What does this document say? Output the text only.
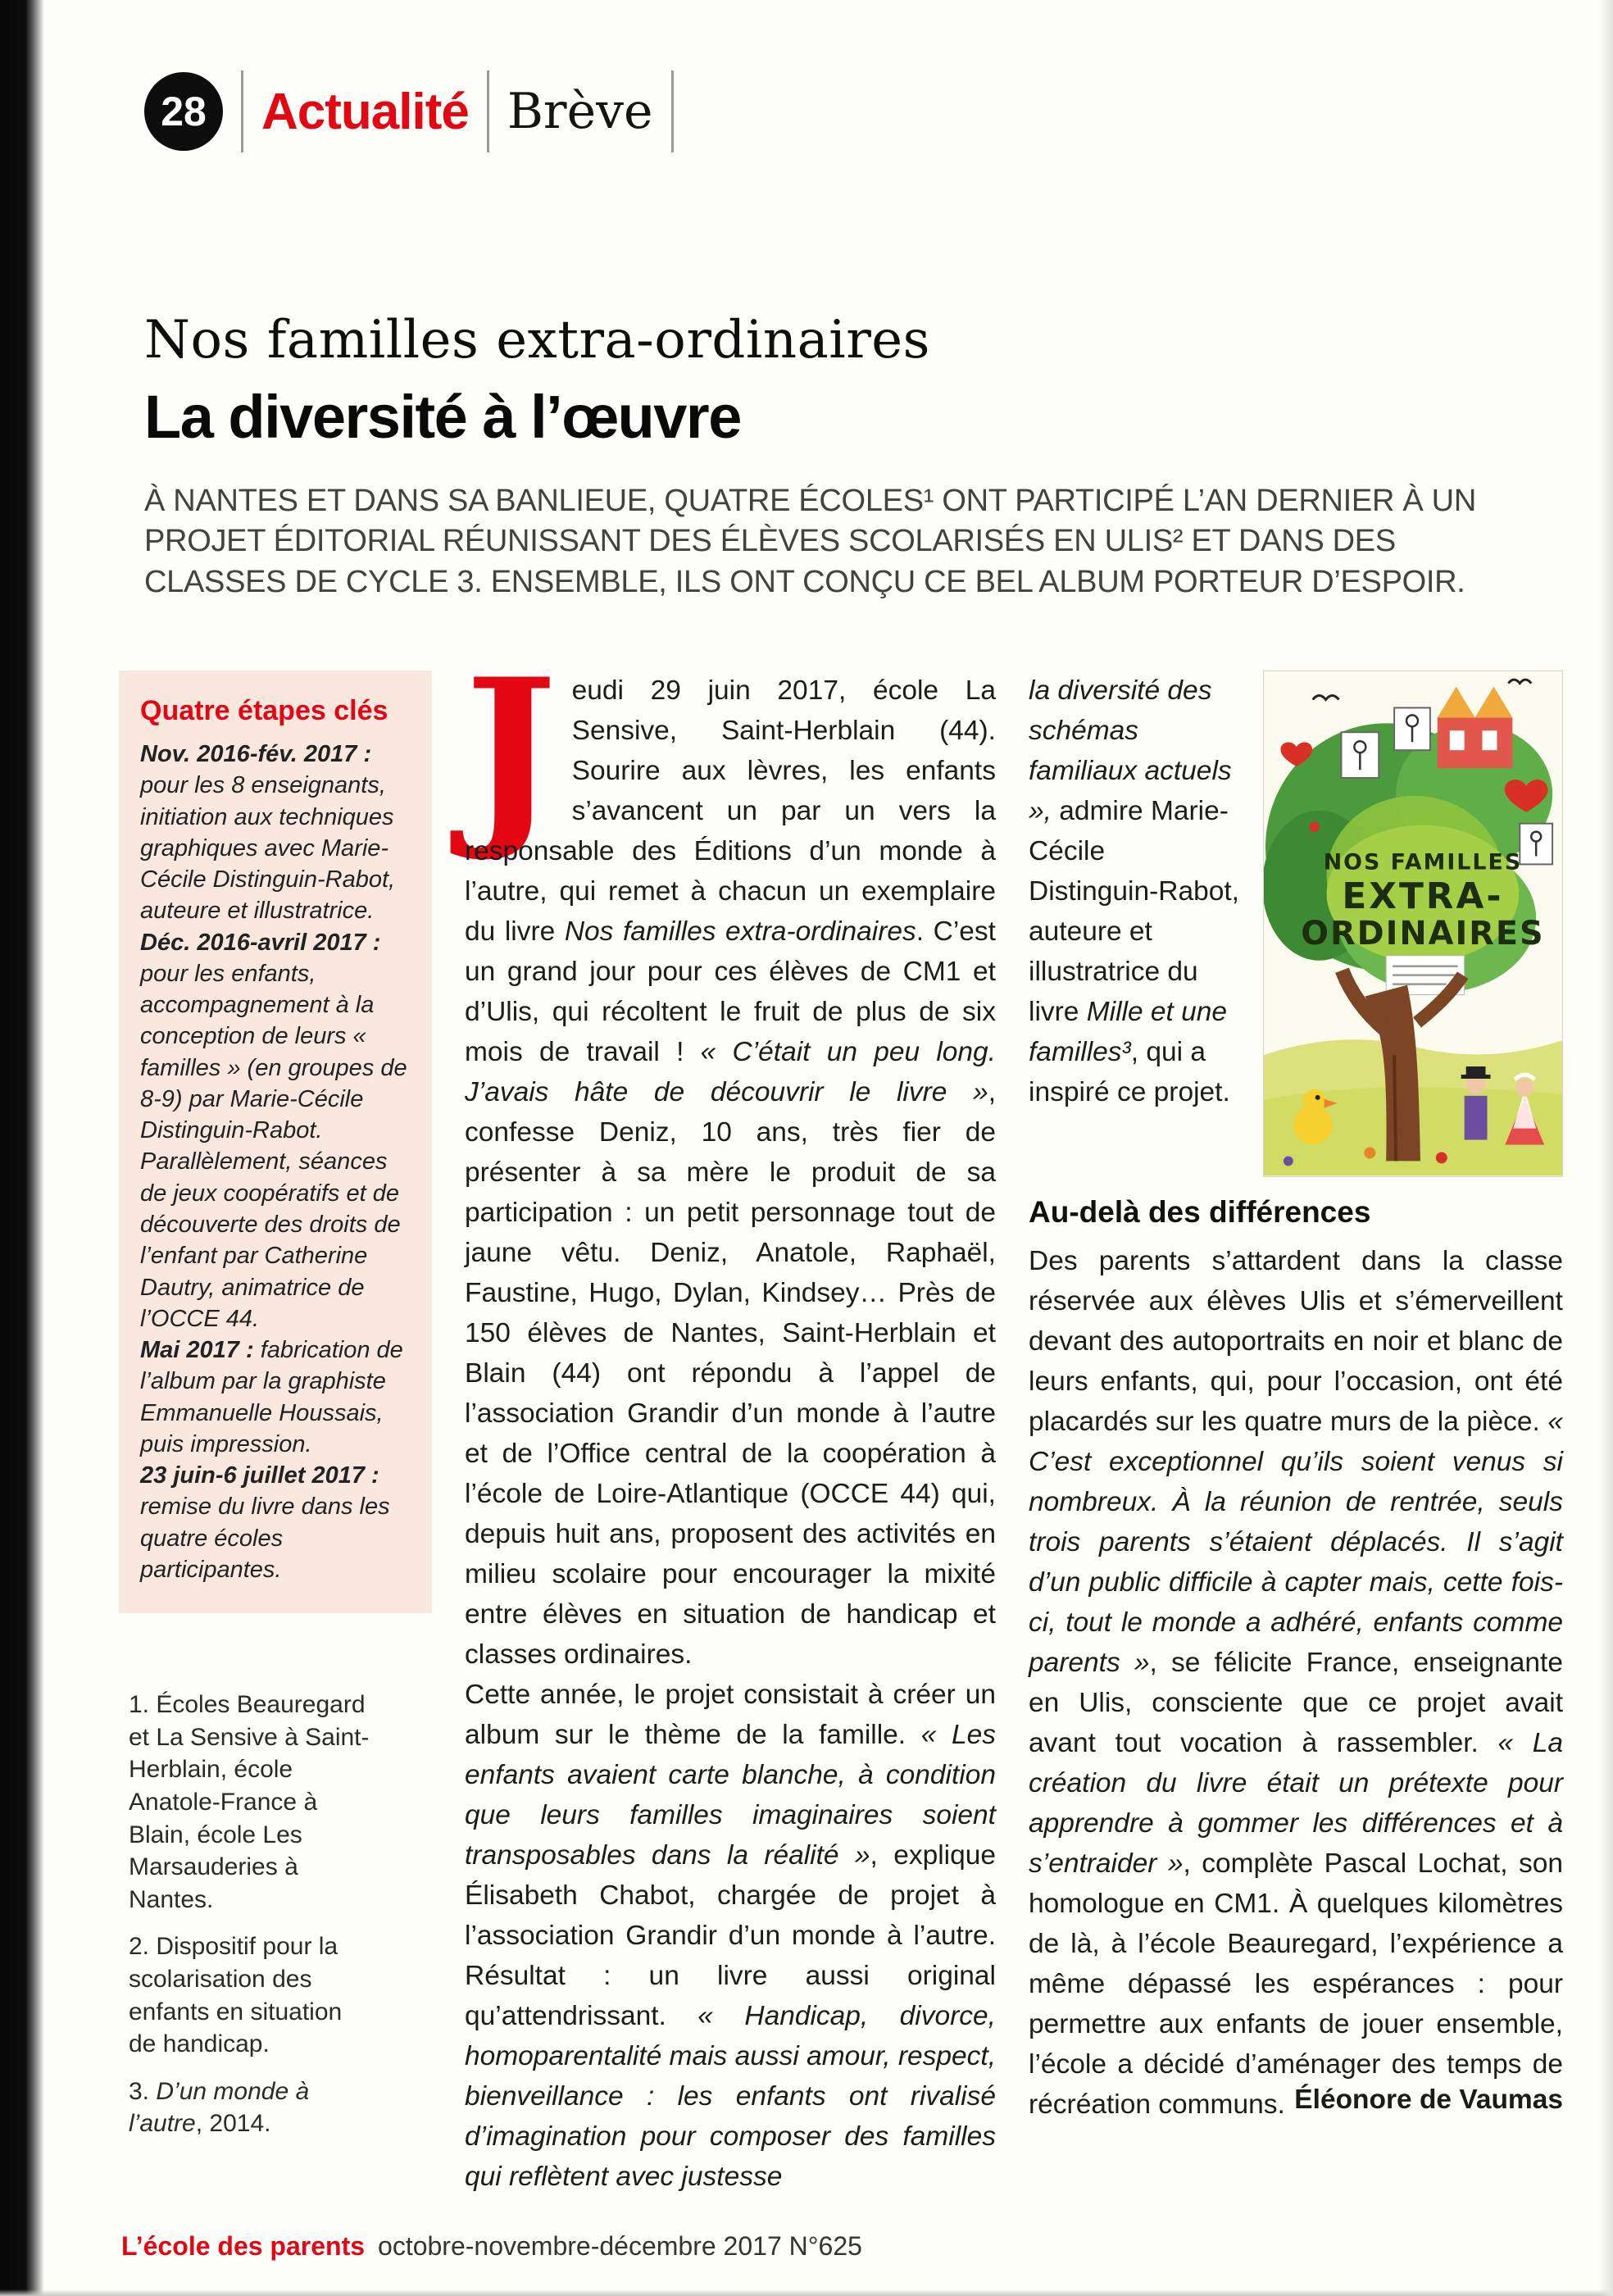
28	Actualité Brève
Nos familles extra-ordinaires
La diversité à l’œuvre
À NANTES ET DANS SA BANLIEUE, QUATRE ÉCOLES¹ ONT PARTICIPÉ L’AN DERNIER À UN PROJET ÉDITORIAL RÉUNISSANT DES ÉLÈVES SCOLARISÉS EN ULIS² ET DANS DES CLASSES DE CYCLE 3. ENSEMBLE, ILS ONT CONÇU CE BEL ALBUM PORTEUR D’ESPOIR.
Quatre étapes clés
Nov. 2016-fév. 2017 : pour les 8 enseignants, initiation aux techniques graphiques avec Marie-Cécile Distinguin-Rabot, auteure et illustratrice.
Déc. 2016-avril 2017 : pour les enfants, accompagnement à la conception de leurs « familles » (en groupes de 8-9) par Marie-Cécile Distinguin-Rabot. Parallèlement, séances de jeux coopératifs et de découverte des droits de l’enfant par Catherine Dautry, animatrice de l’OCCE 44.
Mai 2017 : fabrication de l’album par la graphiste Emmanuelle Houssais, puis impression.
23 juin-6 juillet 2017 : remise du livre dans les quatre écoles participantes.
1. Écoles Beauregard et La Sensive à Saint-Herblain, école Anatole-France à Blain, école Les Marsauderies à Nantes.
2. Dispositif pour la scolarisation des enfants en situation de handicap.
3. D’un monde à l’autre, 2014.

Jeudi 29 juin 2017, école La Sensive, Saint-Herblain (44). Sourire aux lèvres, les enfants s’avancent un par un vers la responsable des Éditions d’un monde à l’autre, qui remet à chacun un exemplaire du livre Nos familles extra-ordinaires. C’est un grand jour pour ces élèves de CM1 et d’Ulis, qui récoltent le fruit de plus de six mois de travail ! « C’était un peu long. J’avais hâte de découvrir le livre », confesse Deniz, 10 ans, très fier de présenter à sa mère le produit de sa participation : un petit personnage tout de jaune vêtu. Deniz, Anatole, Raphaël, Faustine, Hugo, Dylan, Kindsey… Près de 150 élèves de Nantes, Saint-Herblain et Blain (44) ont répondu à l’appel de l’association Grandir d’un monde à l’autre et de l’Office central de la coopération à l’école de Loire-Atlantique (OCCE 44) qui, depuis huit ans, proposent des activités en milieu scolaire pour encourager la mixité entre élèves en situation de handicap et classes ordinaires.

Cette année, le projet consistait à créer un album sur le thème de la famille. « Les enfants avaient carte blanche, à condition que leurs familles imaginaires soient transposables dans la réalité », explique Élisabeth Chabot, chargée de projet à l’association Grandir d’un monde à l’autre. Résultat : un livre aussi original qu’attendrissant. « Handicap, divorce, homoparentalité mais aussi amour, respect, bienveillance : les enfants ont rivalisé d’imagination pour composer des familles qui reflètent avec justesse

la diversité des schémas familiaux actuels », admire Marie-Cécile Distinguin-Rabot, auteure et illustratrice du livre Mille et une familles³, qui a inspiré ce projet.
NOS FAMILLES
EXTRA-
ORDINAIRES
Au-delà des différences

Des parents s’attardent dans la classe réservée aux élèves Ulis et s’émerveillent devant des autoportraits en noir et blanc de leurs enfants, qui, pour l’occasion, ont été placardés sur les quatre murs de la pièce. « C’est exceptionnel qu’ils soient venus si nombreux. À la réunion de rentrée, seuls trois parents s’étaient déplacés. Il s’agit d’un public difficile à capter mais, cette fois-ci, tout le monde a adhéré, enfants comme parents », se félicite France, enseignante en Ulis, consciente que ce projet avait avant tout vocation à rassembler. « La création du livre était un prétexte pour apprendre à gommer les différences et à s’entraider », complète Pascal Lochat, son homologue en CM1. À quelques kilomètres de là, à l’école Beauregard, l’expérience a même dépassé les espérances : pour permettre aux enfants de jouer ensemble, l’école a décidé d’aménager des temps de récréation communs. Éléonore de Vaumas
L’école des parents octobre-novembre-décembre 2017 N°625
